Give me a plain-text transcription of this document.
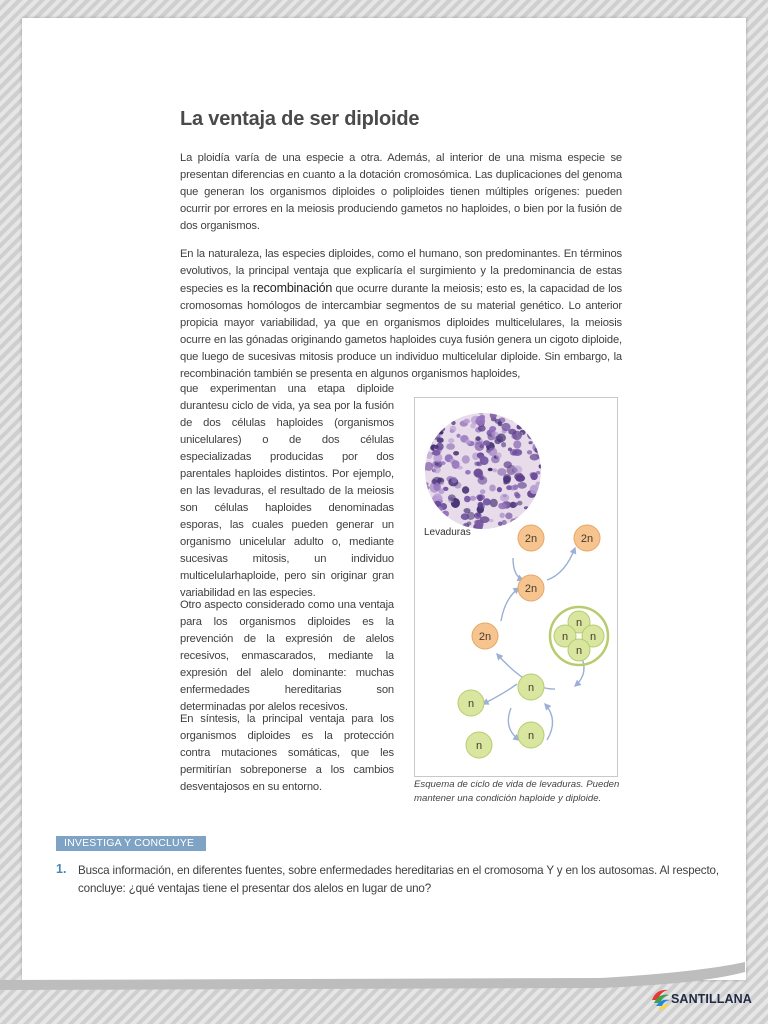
La ventaja de ser diploide

La ploidía varía de una especie a otra. Además, al interior de una misma especie se presentan diferencias en cuanto a la dotación cromosómica. Las duplicaciones del genoma que generan los organismos diploides o poliploides tienen múltiples orígenes: pueden ocurrir por errores en la meiosis produciendo gametos no haploides, o bien por la fusión de dos organismos.

En la naturaleza, las especies diploides, como el humano, son predominantes. En términos evolutivos, la principal ventaja que explicaría el surgimiento y la predominancia de estas especies es la recombinación que ocurre durante la meiosis; esto es, la capacidad de los cromosomas homólogos de intercambiar segmentos de su material genético. Lo anterior propicia mayor variabilidad, ya que en organismos diploides multicelulares, la meiosis ocurre en las gónadas originando gametos haploides cuya fusión genera un cigoto diploide, que luego de sucesivas mitosis produce un individuo multicelular diploide. Sin embargo, la recombinación también se presenta en algunos organismos haploides,

que experimentan una etapa diploide durantesu ciclo de vida, ya sea por la fusión de dos células haploides (organismos unicelulares) o de dos células especializadas producidas por dos parentales haploides distintos. Por ejemplo, en las levaduras, el resultado de la meiosis son células haploides denominadas esporas, las cuales pueden generar un organismo unicelular adulto o, mediante sucesivas mitosis, un individuo multicelularhaploide, pero sin originar gran variabilidad en las especies.

Otro aspecto considerado como una ventaja para los organismos diploides es la prevención de la expresión de alelos recesivos, enmascarados, mediante la expresión del alelo dominante: muchas enfermedades hereditarias son determinadas por alelos recesivos.

En síntesis, la principal ventaja para los organismos diploides es la protección contra mutaciones somáticas, que les permitirían sobreponerse a los cambios desventajosos en su entorno.

2n	2n
2n
2n
n
n n
n
n
n
n
n
Levaduras

Esquema de ciclo de vida de levaduras. Pueden mantener una condición haploide y diploide.

INVESTIGA Y CONCLUYE
1. Busca información, en diferentes fuentes, sobre enfermedades hereditarias en el cromosoma Y y en los autosomas. Al respecto, concluye: ¿qué ventajas tiene el presentar dos alelos en lugar de uno?

SANTILLANA
